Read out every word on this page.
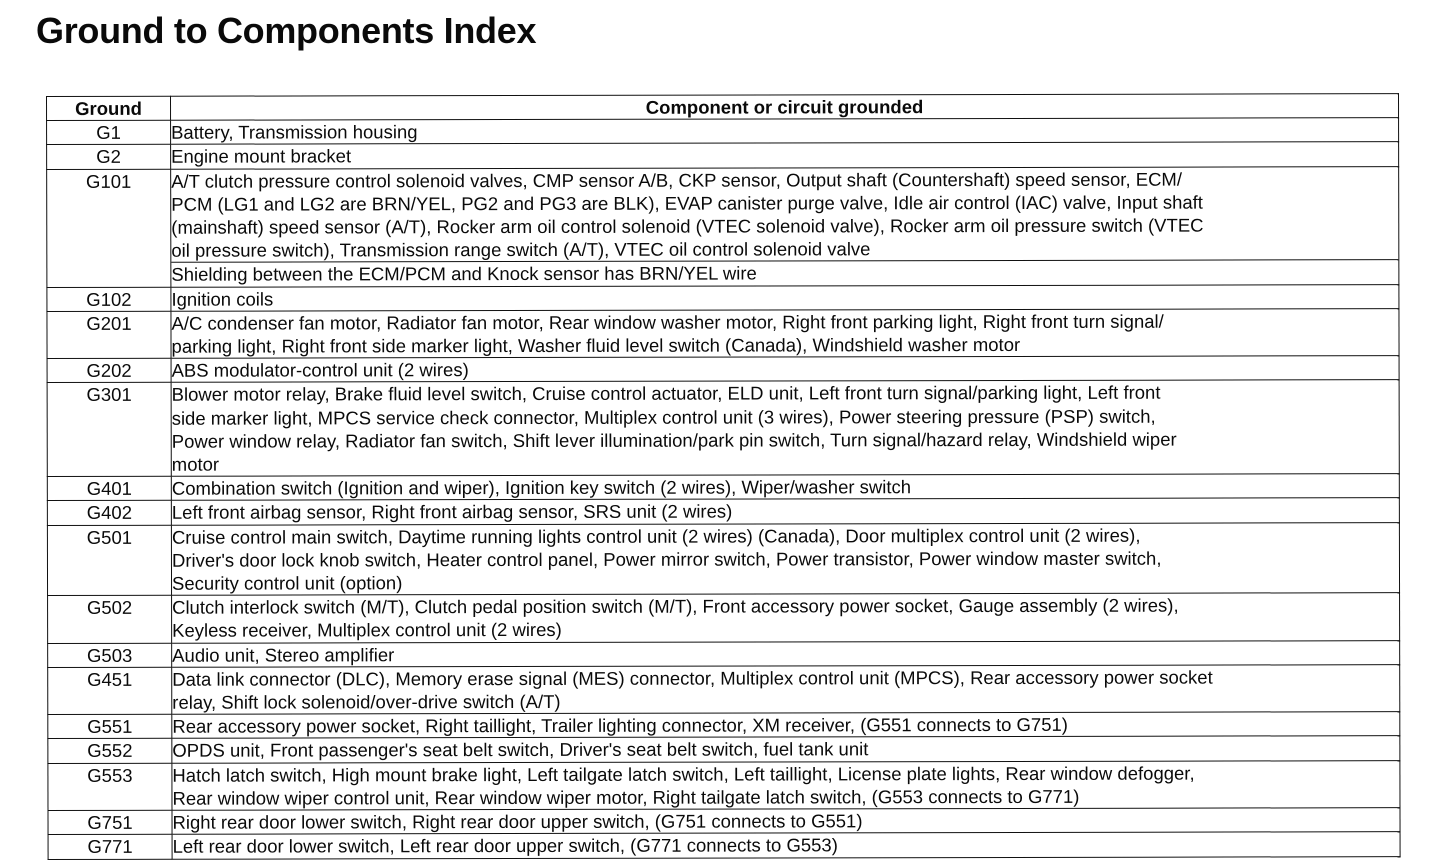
Ground to Components Index
Ground	Component or circuit grounded
G1	Battery, Transmission housing

G2	Engine mount bracket

G101	A/T clutch pressure control solenoid valves, CMP sensor A/B, CKP sensor, Output shaft (Countershaft) speed sensor, ECM/
PCM (LG1 and LG2 are BRN/YEL, PG2 and PG3 are BLK), EVAP canister purge valve, Idle air control (IAC) valve, Input shaft
(mainshaft) speed sensor (A/T), Rocker arm oil control solenoid (VTEC solenoid valve), Rocker arm oil pressure switch (VTEC
oil pressure switch), Transmission range switch (A/T), VTEC oil control solenoid valve
Shielding between the ECM/PCM and Knock sensor has BRN/YEL wire

G102	Ignition coils

G201	A/C condenser fan motor, Radiator fan motor, Rear window washer motor, Right front parking light, Right front turn signal/
parking light, Right front side marker light, Washer fluid level switch (Canada), Windshield washer motor

G202	ABS modulator-control unit (2 wires)

G301	Blower motor relay, Brake fluid level switch, Cruise control actuator, ELD unit, Left front turn signal/parking light, Left front
side marker light, MPCS service check connector, Multiplex control unit (3 wires), Power steering pressure (PSP) switch,
Power window relay, Radiator fan switch, Shift lever illumination/park pin switch, Turn signal/hazard relay, Windshield wiper
motor

G401	Combination switch (Ignition and wiper), Ignition key switch (2 wires), Wiper/washer switch

G402	Left front airbag sensor, Right front airbag sensor, SRS unit (2 wires)

G501	Cruise control main switch, Daytime running lights control unit (2 wires) (Canada), Door multiplex control unit (2 wires),
Driver's door lock knob switch, Heater control panel, Power mirror switch, Power transistor, Power window master switch,
Security control unit (option)

G502	Clutch interlock switch (M/T), Clutch pedal position switch (M/T), Front accessory power socket, Gauge assembly (2 wires),
Keyless receiver, Multiplex control unit (2 wires)

G503	Audio unit, Stereo amplifier

G451	Data link connector (DLC), Memory erase signal (MES) connector, Multiplex control unit (MPCS), Rear accessory power socket
relay, Shift lock solenoid/over-drive switch (A/T)

G551	Rear accessory power socket, Right taillight, Trailer lighting connector, XM receiver, (G551 connects to G751)

G552	OPDS unit, Front passenger's seat belt switch, Driver's seat belt switch, fuel tank unit

G553	Hatch latch switch, High mount brake light, Left tailgate latch switch, Left taillight, License plate lights, Rear window defogger,
Rear window wiper control unit, Rear window wiper motor, Right tailgate latch switch, (G553 connects to G771)

G751	Right rear door lower switch, Right rear door upper switch, (G751 connects to G551)

G771	Left rear door lower switch, Left rear door upper switch, (G771 connects to G553)
